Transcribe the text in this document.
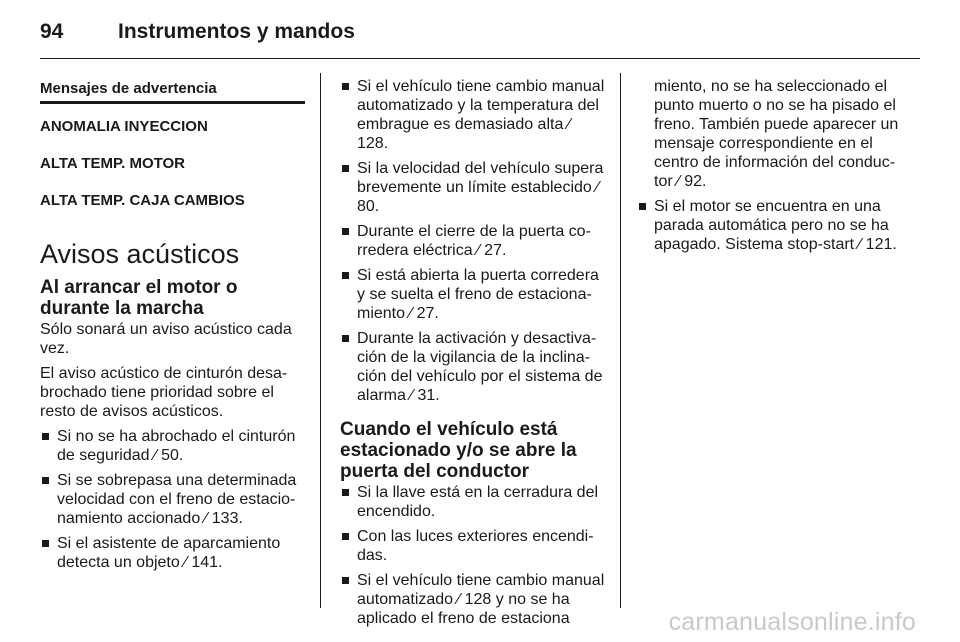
94	Instrumentos y mandos
Mensajes de advertencia
ANOMALIA INYECCION
ALTA TEMP. MOTOR
ALTA TEMP. CAJA CAMBIOS
Avisos acústicos
Al arrancar el motor o durante la marcha

Sólo sonará un aviso acústico cada vez.

El aviso acústico de cinturón desabrochado tiene prioridad sobre el resto de avisos acústicos.

Si no se ha abrochado el cinturón de seguridad ⁄ 50.
Si se sobrepasa una determinada velocidad con el freno de estacionamiento accionado ⁄ 133.
Si el asistente de aparcamiento detecta un objeto ⁄ 141.
Si el vehículo tiene cambio manual automatizado y la temperatura del embrague es demasiado alta ⁄ 128.
Si la velocidad del vehículo supera brevemente un límite establecido ⁄ 80.
Durante el cierre de la puerta corredera eléctrica ⁄ 27.
Si está abierta la puerta corredera y se suelta el freno de estacionamiento ⁄ 27.
Durante la activación y desactivación de la vigilancia de la inclinación del vehículo por el sistema de alarma ⁄ 31.
Cuando el vehículo está estacionado y/o se abre la puerta del conductor
Si la llave está en la cerradura del encendido.
Con las luces exteriores encendidas.
Si el vehículo tiene cambio manual automatizado ⁄ 128 y no se ha aplicado el freno de estaciona
miento, no se ha seleccionado el punto muerto o no se ha pisado el freno. También puede aparecer un mensaje correspondiente en el centro de información del conductor ⁄ 92.
Si el motor se encuentra en una parada automática pero no se ha apagado. Sistema stop-start ⁄ 121.
carmanualsonline.info
